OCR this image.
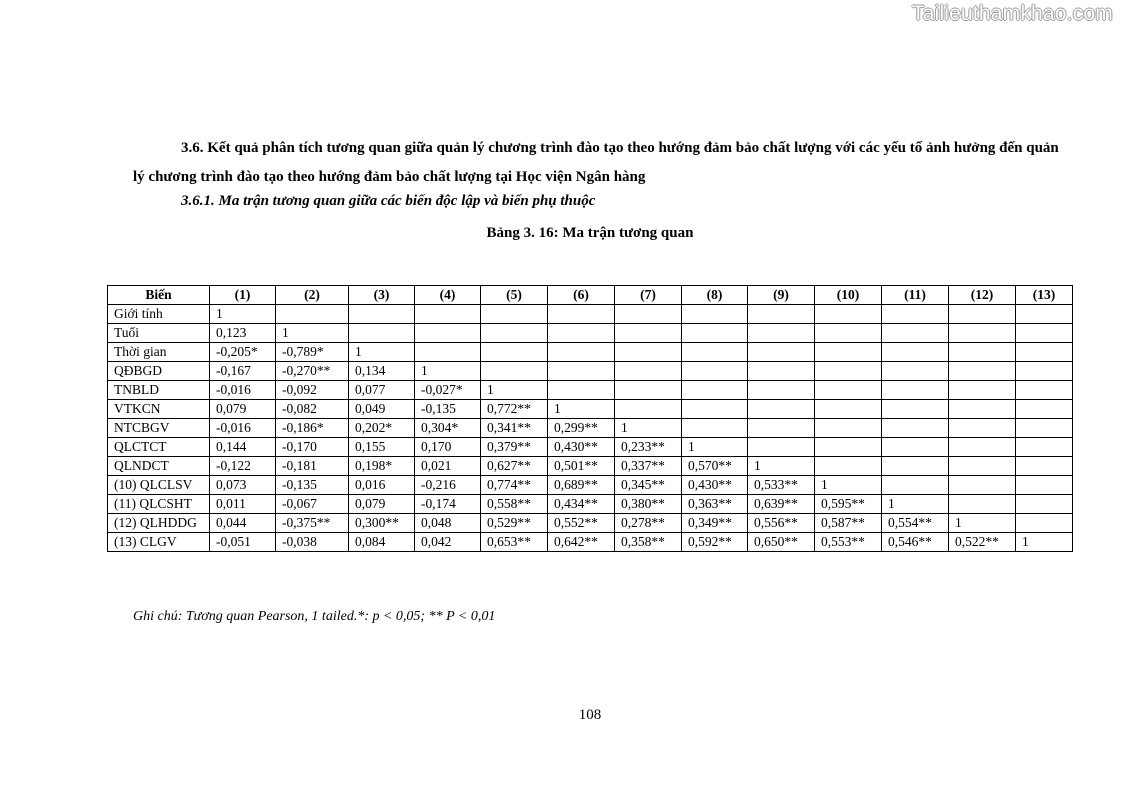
Tailieuthamkhao.com
3.6. Kết quả phân tích tương quan giữa quản lý chương trình đào tạo theo hướng đảm bảo chất lượng với các yếu tố ảnh hưởng đến quản lý chương trình đào tạo theo hướng đảm bảo chất lượng tại Học viện Ngân hàng
3.6.1. Ma trận tương quan giữa các biến độc lập và biến phụ thuộc
Bảng 3. 16: Ma trận tương quan
Biến	(1)	(2)	(3)	(4)	(5)	(6)	(7)	(8)	(9)	(10)	(11)	(12)	(13)
Giới tính	1												
Tuổi	0,123	1											
Thời gian	-0,205*	-0,789*	1										
QĐBGD	-0,167	-0,270**	0,134	1									
TNBLD	-0,016	-0,092	0,077	-0,027*	1								
VTKCN	0,079	-0,082	0,049	-0,135	0,772**	1							
NTCBGV	-0,016	-0,186*	0,202*	0,304*	0,341**	0,299**	1						
QLCTCT	0,144	-0,170	0,155	0,170	0,379**	0,430**	0,233**	1					
QLNDCT	-0,122	-0,181	0,198*	0,021	0,627**	0,501**	0,337**	0,570**	1				
(10) QLCLSV	0,073	-0,135	0,016	-0,216	0,774**	0,689**	0,345**	0,430**	0,533**	1			
(11) QLCSHT	0,011	-0,067	0,079	-0,174	0,558**	0,434**	0,380**	0,363**	0,639**	0,595**	1		
(12) QLHDDG	0,044	-0,375**	0,300**	0,048	0,529**	0,552**	0,278**	0,349**	0,556**	0,587**	0,554**	1	
(13) CLGV	-0,051	-0,038	0,084	0,042	0,653**	0,642**	0,358**	0,592**	0,650**	0,553**	0,546**	0,522**	1
Ghi chú: Tương quan Pearson, 1 tailed.*: p < 0,05; ** P < 0,01
108
